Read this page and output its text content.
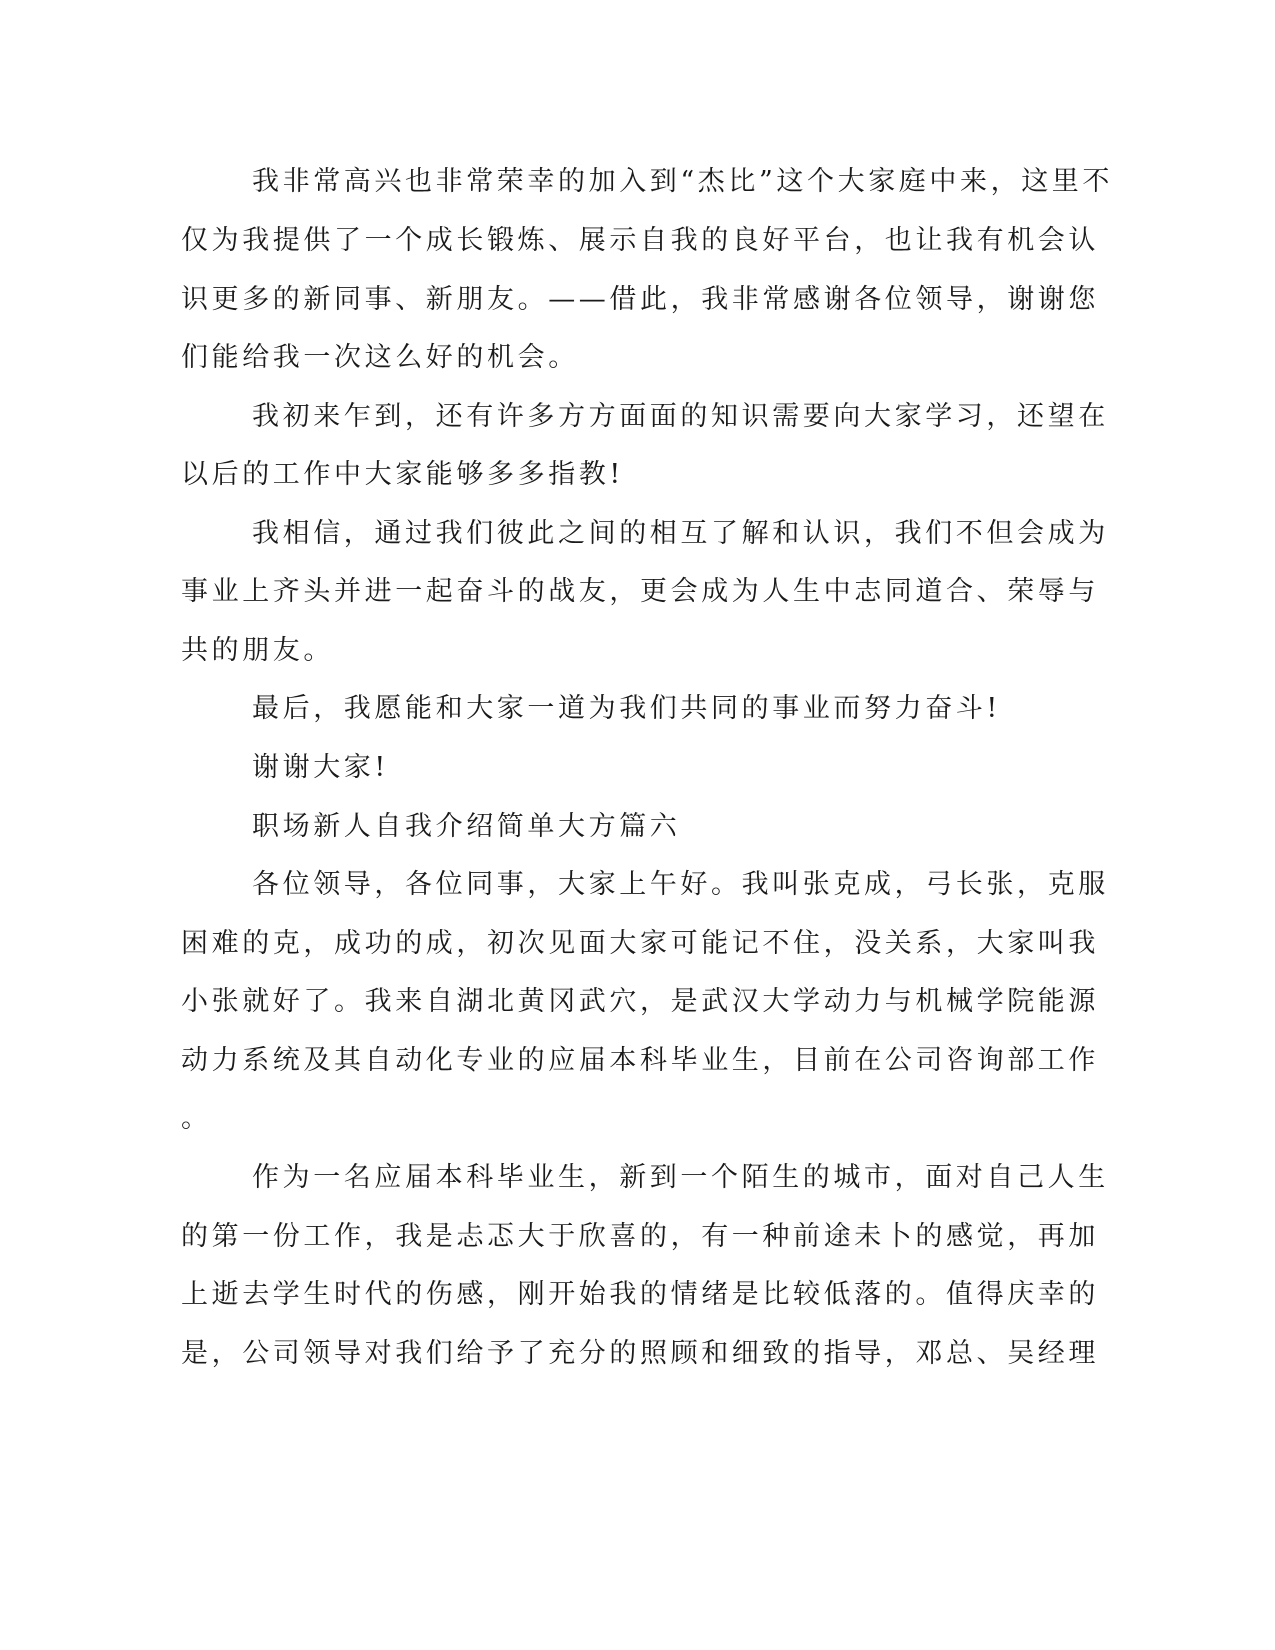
我非常高兴也非常荣幸的加入到“杰比”这个大家庭中来，这里不
仅为我提供了一个成长锻炼、展示自我的良好平台，也让我有机会认
识更多的新同事、新朋友。——借此，我非常感谢各位领导，谢谢您
们能给我一次这么好的机会。
我初来乍到，还有许多方方面面的知识需要向大家学习，还望在
以后的工作中大家能够多多指教!
我相信，通过我们彼此之间的相互了解和认识，我们不但会成为
事业上齐头并进一起奋斗的战友，更会成为人生中志同道合、荣辱与
共的朋友。
最后，我愿能和大家一道为我们共同的事业而努力奋斗!
谢谢大家!
职场新人自我介绍简单大方篇六
各位领导，各位同事，大家上午好。我叫张克成，弓长张，克服
困难的克，成功的成，初次见面大家可能记不住，没关系，大家叫我
小张就好了。我来自湖北黄冈武穴，是武汉大学动力与机械学院能源
动力系统及其自动化专业的应届本科毕业生，目前在公司咨询部工作
。
作为一名应届本科毕业生，新到一个陌生的城市，面对自己人生
的第一份工作，我是忐忑大于欣喜的，有一种前途未卜的感觉，再加
上逝去学生时代的伤感，刚开始我的情绪是比较低落的。值得庆幸的
是，公司领导对我们给予了充分的照顾和细致的指导，邓总、吴经理
